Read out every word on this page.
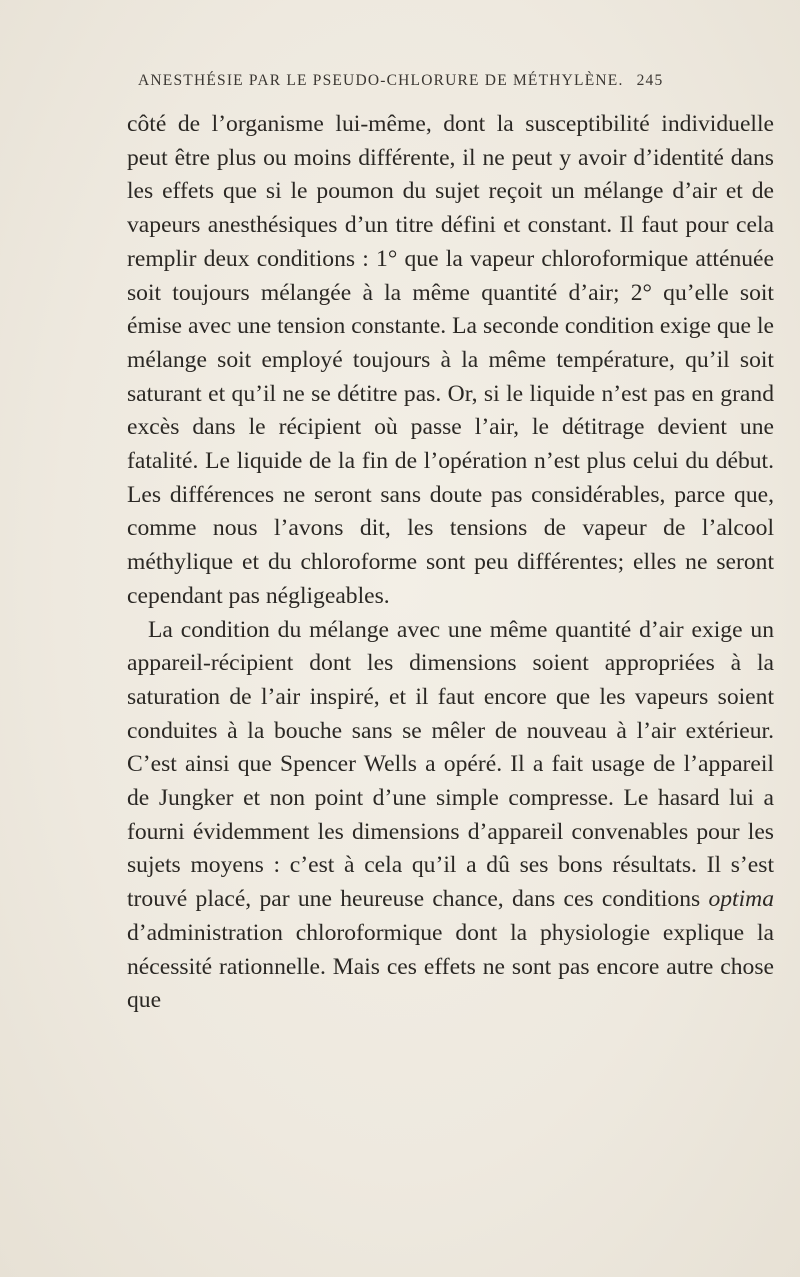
ANESTHÉSIE PAR LE PSEUDO-CHLORURE DE MÉTHYLÈNE. 245

côté de l’organisme lui-même, dont la susceptibilité individuelle peut être plus ou moins différente, il ne peut y avoir d’identité dans les effets que si le poumon du sujet reçoit un mélange d’air et de vapeurs anesthésiques d’un titre défini et constant. Il faut pour cela remplir deux conditions : 1° que la vapeur chloroformique atténuée soit toujours mélangée à la même quantité d’air; 2° qu’elle soit émise avec une tension constante. La seconde condition exige que le mélange soit employé toujours à la même température, qu’il soit saturant et qu’il ne se détitre pas. Or, si le liquide n’est pas en grand excès dans le récipient où passe l’air, le détitrage devient une fatalité. Le liquide de la fin de l’opération n’est plus celui du début. Les différences ne seront sans doute pas considérables, parce que, comme nous l’avons dit, les tensions de vapeur de l’alcool méthylique et du chloroforme sont peu différentes; elles ne seront cependant pas négligeables.

La condition du mélange avec une même quantité d’air exige un appareil-récipient dont les dimensions soient appropriées à la saturation de l’air inspiré, et il faut encore que les vapeurs soient conduites à la bouche sans se mêler de nouveau à l’air extérieur. C’est ainsi que Spencer Wells a opéré. Il a fait usage de l’appareil de Jungker et non point d’une simple compresse. Le hasard lui a fourni évidemment les dimensions d’appareil convenables pour les sujets moyens : c’est à cela qu’il a dû ses bons résultats. Il s’est trouvé placé, par une heureuse chance, dans ces conditions optima d’administration chloroformique dont la physiologie explique la nécessité rationnelle. Mais ces effets ne sont pas encore autre chose que
